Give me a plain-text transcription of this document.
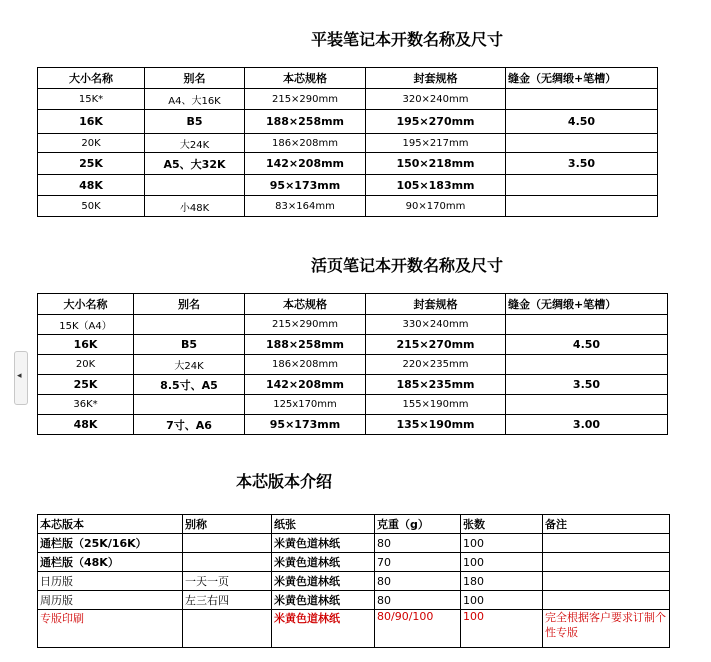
◂
平装笔记本开数名称及尺寸
大小名称	别名	本芯规格	封套规格	缝金（无绸缎+笔槽）
15K*	A4、大16K	215×290mm	320×240mm	
16K	B5	188×258mm	195×270mm	4.50
20K	大24K	186×208mm	195×217mm	
25K	A5、大32K	142×208mm	150×218mm	3.50
48K		95×173mm	105×183mm	
50K	小48K	83×164mm	90×170mm	
活页笔记本开数名称及尺寸
大小名称	别名	本芯规格	封套规格	缝金（无绸缎+笔槽）
15K（A4）		215×290mm	330×240mm	
16K	B5	188×258mm	215×270mm	4.50
20K	大24K	186×208mm	220×235mm	
25K	8.5寸、A5	142×208mm	185×235mm	3.50
36K*		125x170mm	155×190mm	
48K	7寸、A6	95×173mm	135×190mm	3.00
本芯版本介绍
本芯版本	别称	纸张	克重（g）	张数	备注
通栏版（25K/16K）		米黄色道林纸	80	100	
通栏版（48K）		米黄色道林纸	70	100	
日历版	一天一页	米黄色道林纸	80	180	
周历版	左三右四	米黄色道林纸	80	100	
专版印刷		米黄色道林纸	80/90/100	100	完全根据客户要求订制个性专版
